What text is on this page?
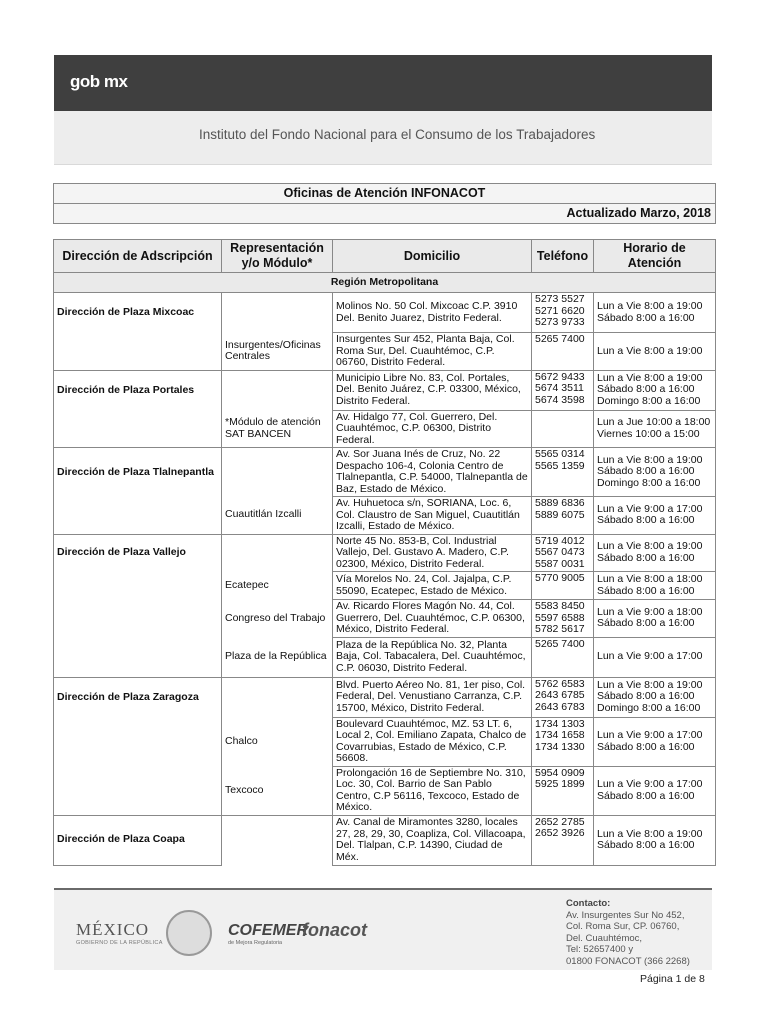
gob mx
Instituto del Fondo Nacional para el Consumo de los Trabajadores
Oficinas de Atención INFONACOT
Actualizado Marzo, 2018
Dirección de Adscripción	Representación y/o Módulo*	Domicilio	Teléfono	Horario de Atención
Región Metropolitana				
Dirección de Plaza Mixcoac		Molinos No. 50 Col. Mixcoac C.P. 3910 Del. Benito Juarez, Distrito Federal.	5273 5527
5271 6620
5273 9733	Lun a Vie 8:00 a 19:00
Sábado 8:00 a 16:00
	Insurgentes/Oficinas Centrales	Insurgentes Sur 452, Planta Baja, Col. Roma Sur, Del. Cuauhtémoc, C.P. 06760, Distrito Federal.	5265 7400	Lun a Vie 8:00 a 19:00
Dirección de Plaza Portales		Municipio Libre No. 83, Col. Portales, Del. Benito Juárez, C.P. 03300, México, Distrito Federal.	5672 9433
5674 3511
5674 3598	Lun a Vie 8:00 a 19:00
Sábado 8:00 a 16:00
Domingo 8:00 a 16:00
	*Módulo de atención SAT BANCEN	Av. Hidalgo 77, Col. Guerrero, Del. Cuauhtémoc, C.P. 06300, Distrito Federal.		Lun a Jue 10:00 a 18:00
Viernes 10:00 a 15:00
Dirección de Plaza Tlalnepantla		Av. Sor Juana Inés de Cruz, No. 22 Despacho 106-4, Colonia Centro de Tlalnepantla, C.P. 54000, Tlalnepantla de Baz, Estado de México.	5565 0314
5565 1359	Lun a Vie 8:00 a 19:00
Sábado 8:00 a 16:00
Domingo 8:00 a 16:00
	Cuautitlán Izcalli	Av. Huhuetoca s/n, SORIANA, Loc. 6, Col. Claustro de San Miguel, Cuautitlán Izcalli, Estado de México.	5889 6836
5889 6075	Lun a Vie 9:00 a 17:00
Sábado 8:00 a 16:00
Dirección de Plaza Vallejo		Norte 45 No. 853-B, Col. Industrial Vallejo, Del. Gustavo A. Madero, C.P. 02300, México, Distrito Federal.	5719 4012
5567 0473
5587 0031	Lun a Vie 8:00 a 19:00
Sábado 8:00 a 16:00
	Ecatepec	Vía Morelos No. 24, Col. Jajalpa, C.P. 55090, Ecatepec, Estado de México.	5770 9005	Lun a Vie 8:00 a 18:00
Sábado 8:00 a 16:00
	Congreso del Trabajo	Av. Ricardo Flores Magón No. 44, Col. Guerrero, Del. Cuauhtémoc, C.P. 06300, México, Distrito Federal.	5583 8450
5597 6588
5782 5617	Lun a Vie 9:00 a 18:00
Sábado 8:00 a 16:00
	Plaza de la República	Plaza de la República No. 32, Planta Baja, Col. Tabacalera, Del. Cuauhtémoc, C.P. 06030, Distrito Federal.	5265 7400	Lun a Vie 9:00 a 17:00
Dirección de Plaza Zaragoza		Blvd. Puerto Aéreo No. 81, 1er piso, Col. Federal, Del. Venustiano Carranza, C.P. 15700, México, Distrito Federal.	5762 6583
2643 6785
2643 6783	Lun a Vie 8:00 a 19:00
Sábado 8:00 a 16:00
Domingo 8:00 a 16:00
	Chalco	Boulevard Cuauhtémoc, MZ. 53 LT. 6, Local 2, Col. Emiliano Zapata, Chalco de Covarrubias, Estado de México, C.P. 56608.	1734 1303
1734 1658
1734 1330	Lun a Vie 9:00 a 17:00
Sábado 8:00 a 16:00
	Texcoco	Prolongación 16 de Septiembre No. 310, Loc. 30, Col. Barrio de San Pablo Centro, C.P 56116, Texcoco, Estado de México.	5954 0909
5925 1899	Lun a Vie 9:00 a 17:00
Sábado 8:00 a 16:00
Dirección de Plaza Coapa		Av. Canal de Miramontes 3280, locales 27, 28, 29, 30, Coapliza, Col. Villacoapa, Del. Tlalpan, C.P. 14390, Ciudad de Méx.	2652 2785
2652 3926	Lun a Vie 8:00 a 19:00
Sábado 8:00 a 16:00
MÉXICO
GOBIERNO DE LA REPÚBLICA
COFEMER
de Mejora Regulatoria
fonacot
Contacto:
Av. Insurgentes Sur No 452,
Col. Roma Sur, CP. 06760,
Del. Cuauhtémoc,
Tel: 52657400 y
01800 FONACOT (366 2268)
Página 1 de 8
